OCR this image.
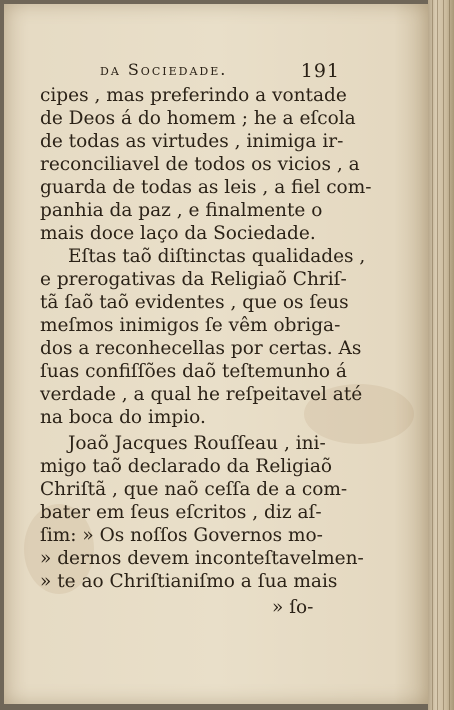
da Sociedade.	191
cipes , mas preferindo a vontade
de Deos á do homem ; he a eſcola
de todas as virtudes , inimiga ir-
reconciliavel de todos os vicios , a
guarda de todas as leis , a fiel com-
panhia da paz , e finalmente o
mais doce laço da Sociedade.
Eſtas taõ diſtinctas qualidades ,
e prerogativas da Religiaõ Chriſ-
tã ſaõ taõ evidentes , que os ſeus
meſmos inimigos ſe vêm obriga-
dos a reconhecellas por certas. As
ſuas confiſſões daõ teſtemunho á
verdade , a qual he reſpeitavel até
na boca do impio.
Joaõ Jacques Rouſſeau , ini-
migo taõ declarado da Religiaõ
Chriſtã , que naõ ceſſa de a com-
bater em ſeus eſcritos , diz aſ-
ſim: » Os noſſos Governos mo-
» dernos devem inconteſtavelmen-
» te ao Chriſtianiſmo a ſua mais
» ſo-
